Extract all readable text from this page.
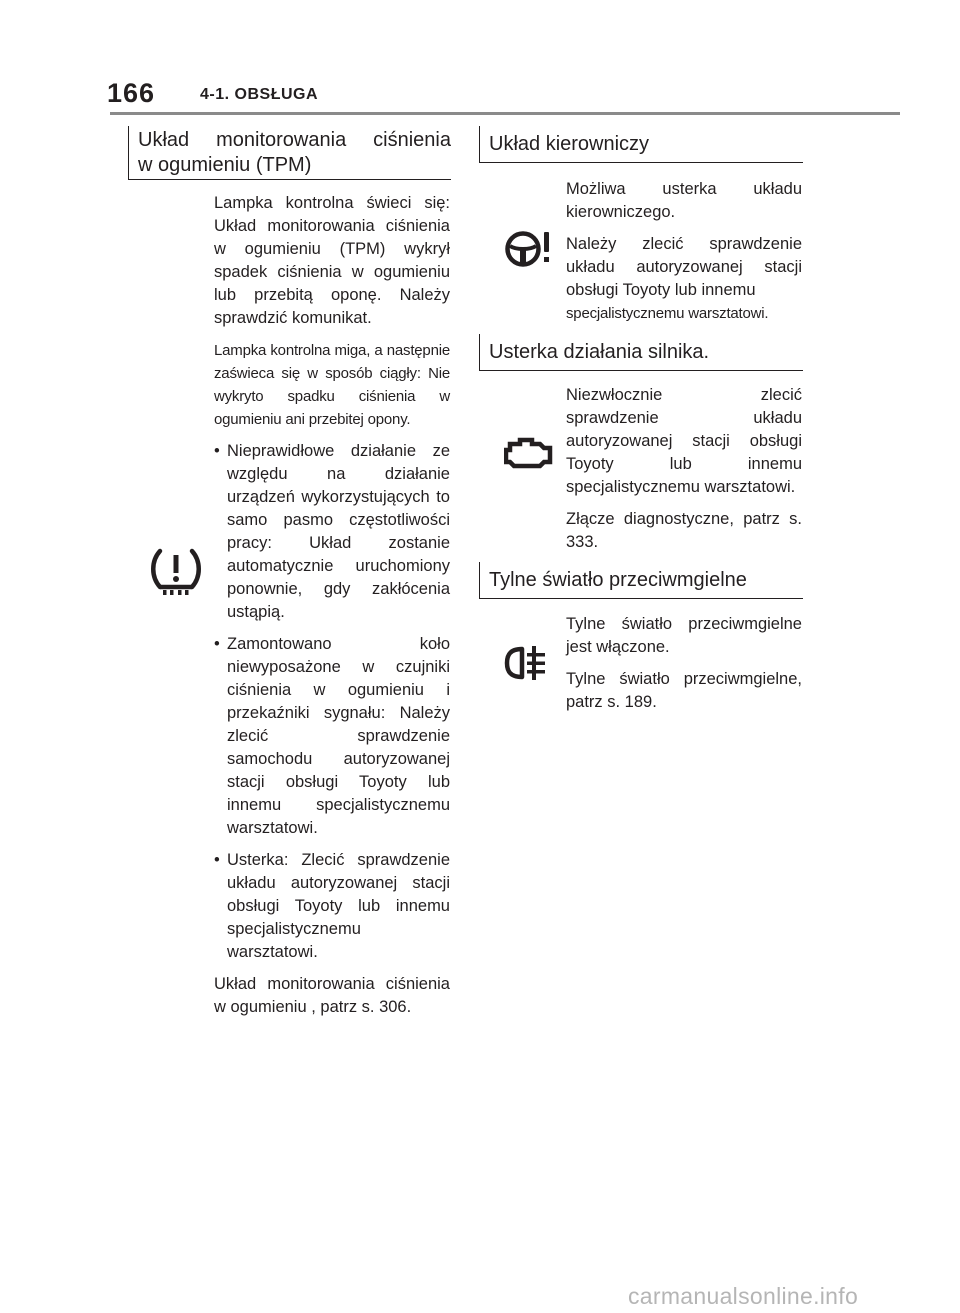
166	4-1. OBSŁUGA
Układ monitorowania ciśnienia
w ogumieniu (TPM)

Lampka kontrolna świeci się: Układ monitorowania ciśnienia w ogumieniu (TPM) wykrył spadek ciśnienia w ogumieniu lub przebitą oponę. Należy sprawdzić komunikat.

Lampka kontrolna miga, a następnie zaświeca się w sposób ciągły: Nie wykryto spadku ciśnienia w ogumieniu ani przebitej opony.

• Nieprawidłowe działanie ze względu na działanie urządzeń wykorzystujących to samo pasmo częstotliwości pracy: Układ zostanie automatycznie uruchomiony ponownie, gdy zakłócenia ustąpią.
• Zamontowano koło niewyposażone w czujniki ciśnienia w ogumieniu i przekaźniki sygnału: Należy zlecić sprawdzenie samochodu autoryzowanej stacji obsługi Toyoty lub innemu specjalistycznemu warsztatowi.
• Usterka: Zlecić sprawdzenie układu autoryzowanej stacji obsługi Toyoty lub innemu specjalistycznemu warsztatowi.

Układ monitorowania ciśnienia w ogumieniu , patrz s. 306.

Układ kierowniczy

Możliwa usterka układu kierowniczego.

Należy zlecić sprawdzenie układu autoryzowanej stacji obsługi Toyoty lub innemu

specjalistycznemu warsztatowi.

Usterka działania silnika.

Niezwłocznie zlecić sprawdzenie układu autoryzowanej stacji obsługi Toyoty lub innemu specjalistycznemu warsztatowi.

Złącze diagnostyczne, patrz s. 333.

Tylne światło przeciwmgielne

Tylne światło przeciwmgielne jest włączone.

Tylne światło przeciwmgielne, patrz s. 189.

carmanualsonline.info
